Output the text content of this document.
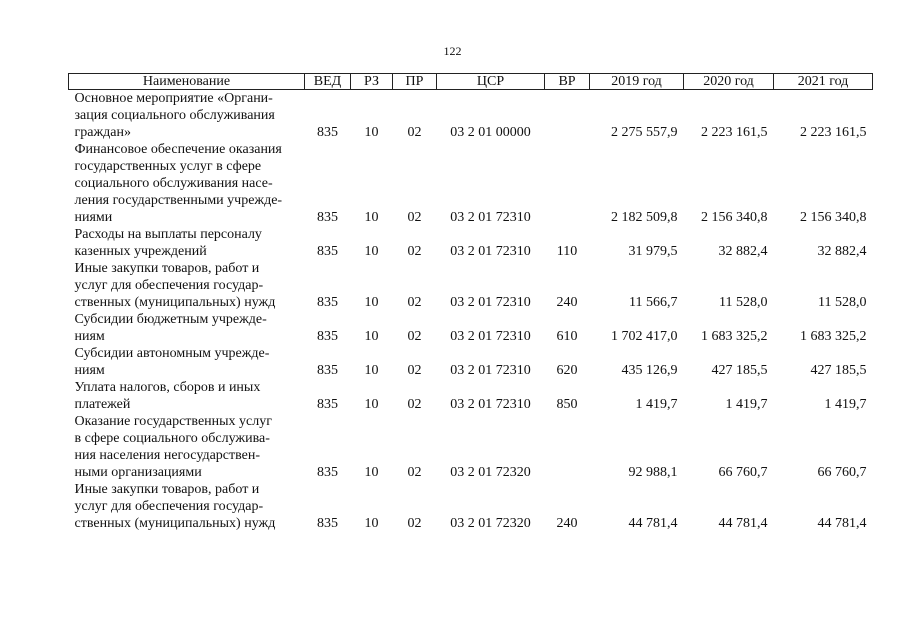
122
Наименование	ВЕД	РЗ	ПР	ЦСР	ВР	2019 год	2020 год	2021 год

Основное мероприятие «Органи-
зация социального обслуживания
граждан»	835	10	02	03 2 01 00000		2 275 557,9	2 223 161,5	2 223 161,5

Финансовое обеспечение оказания
государственных услуг в сфере
социального обслуживания насе-
ления государственными учрежде-
ниями	835	10	02	03 2 01 72310		2 182 509,8	2 156 340,8	2 156 340,8

Расходы на выплаты персоналу
казенных учреждений	835	10	02	03 2 01 72310	110	31 979,5	32 882,4	32 882,4

Иные закупки товаров, работ и
услуг для обеспечения государ-
ственных (муниципальных) нужд	835	10	02	03 2 01 72310	240	11 566,7	11 528,0	11 528,0

Субсидии бюджетным учрежде-
ниям	835	10	02	03 2 01 72310	610	1 702 417,0	1 683 325,2	1 683 325,2

Субсидии автономным учрежде-
ниям	835	10	02	03 2 01 72310	620	435 126,9	427 185,5	427 185,5

Уплата налогов, сборов и иных
платежей	835	10	02	03 2 01 72310	850	1 419,7	1 419,7	1 419,7

Оказание государственных услуг
в сфере социального обслужива-
ния населения негосударствен-
ными организациями	835	10	02	03 2 01 72320		92 988,1	66 760,7	66 760,7

Иные закупки товаров, работ и
услуг для обеспечения государ-
ственных (муниципальных) нужд	835	10	02	03 2 01 72320	240	44 781,4	44 781,4	44 781,4
